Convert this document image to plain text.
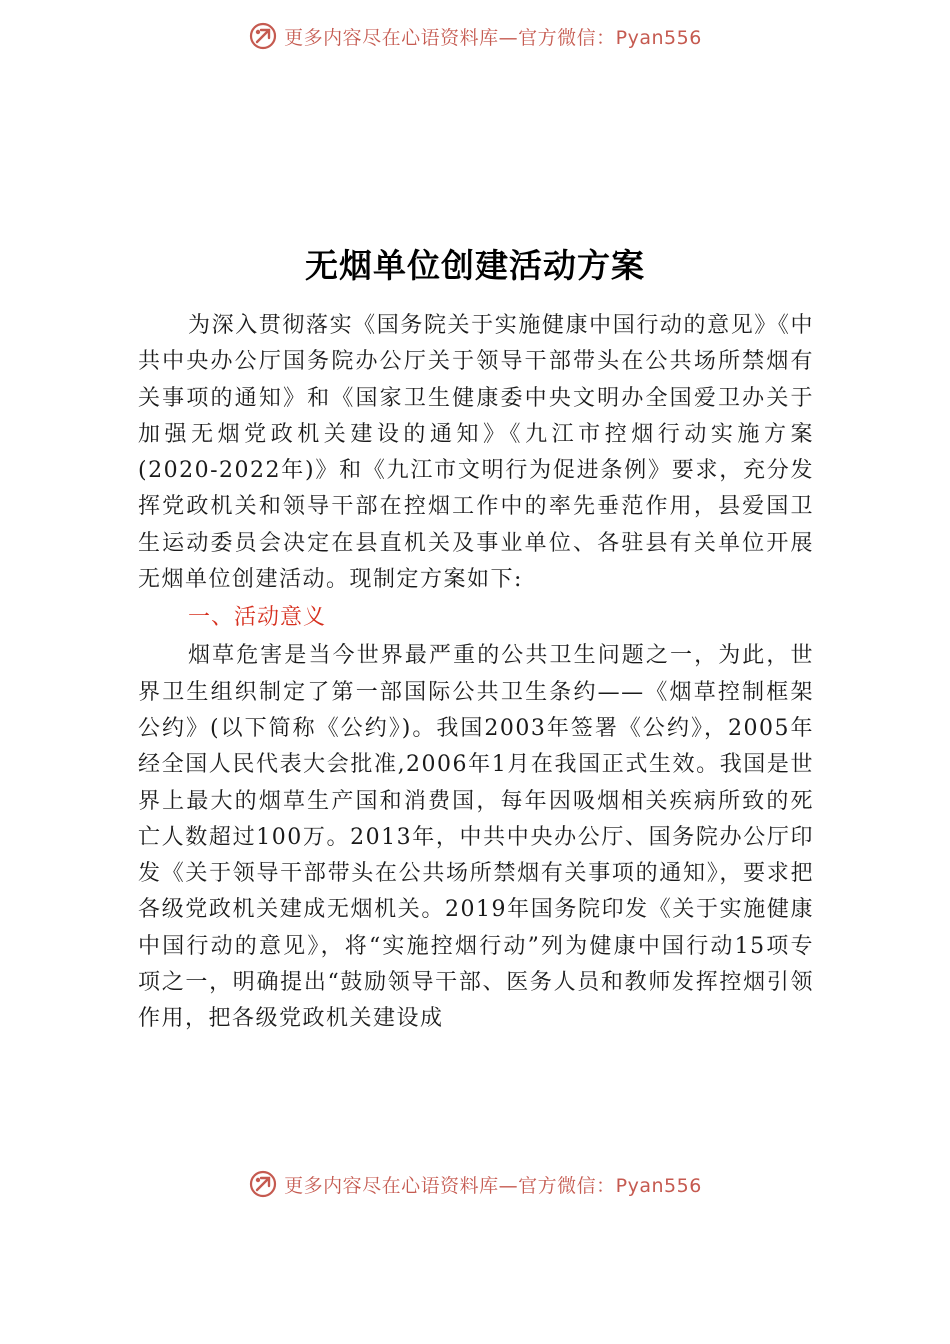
更多内容尽在心语资料库—官方微信：Pyan556
无烟单位创建活动方案

为深入贯彻落实《国务院关于实施健康中国行动的意见》《中共中央办公厅国务院办公厅关于领导干部带头在公共场所禁烟有关事项的通知》和《国家卫生健康委中央文明办全国爱卫办关于加强无烟党政机关建设的通知》《九江市控烟行动实施方案(2020-2022年)》和《九江市文明行为促进条例》要求，充分发挥党政机关和领导干部在控烟工作中的率先垂范作用，县爱国卫生运动委员会决定在县直机关及事业单位、各驻县有关单位开展无烟单位创建活动。现制定方案如下:

一、活动意义

烟草危害是当今世界最严重的公共卫生问题之一，为此，世界卫生组织制定了第一部国际公共卫生条约——《烟草控制框架公约》(以下简称《公约》)。我国2003年签署《公约》，2005年经全国人民代表大会批准,2006年1月在我国正式生效。我国是世界上最大的烟草生产国和消费国，每年因吸烟相关疾病所致的死亡人数超过100万。2013年，中共中央办公厅、国务院办公厅印发《关于领导干部带头在公共场所禁烟有关事项的通知》，要求把各级党政机关建成无烟机关。2019年国务院印发《关于实施健康中国行动的意见》，将“实施控烟行动”列为健康中国行动15项专项之一，明确提出“鼓励领导干部、医务人员和教师发挥控烟引领作用，把各级党政机关建设成

更多内容尽在心语资料库—官方微信：Pyan556
